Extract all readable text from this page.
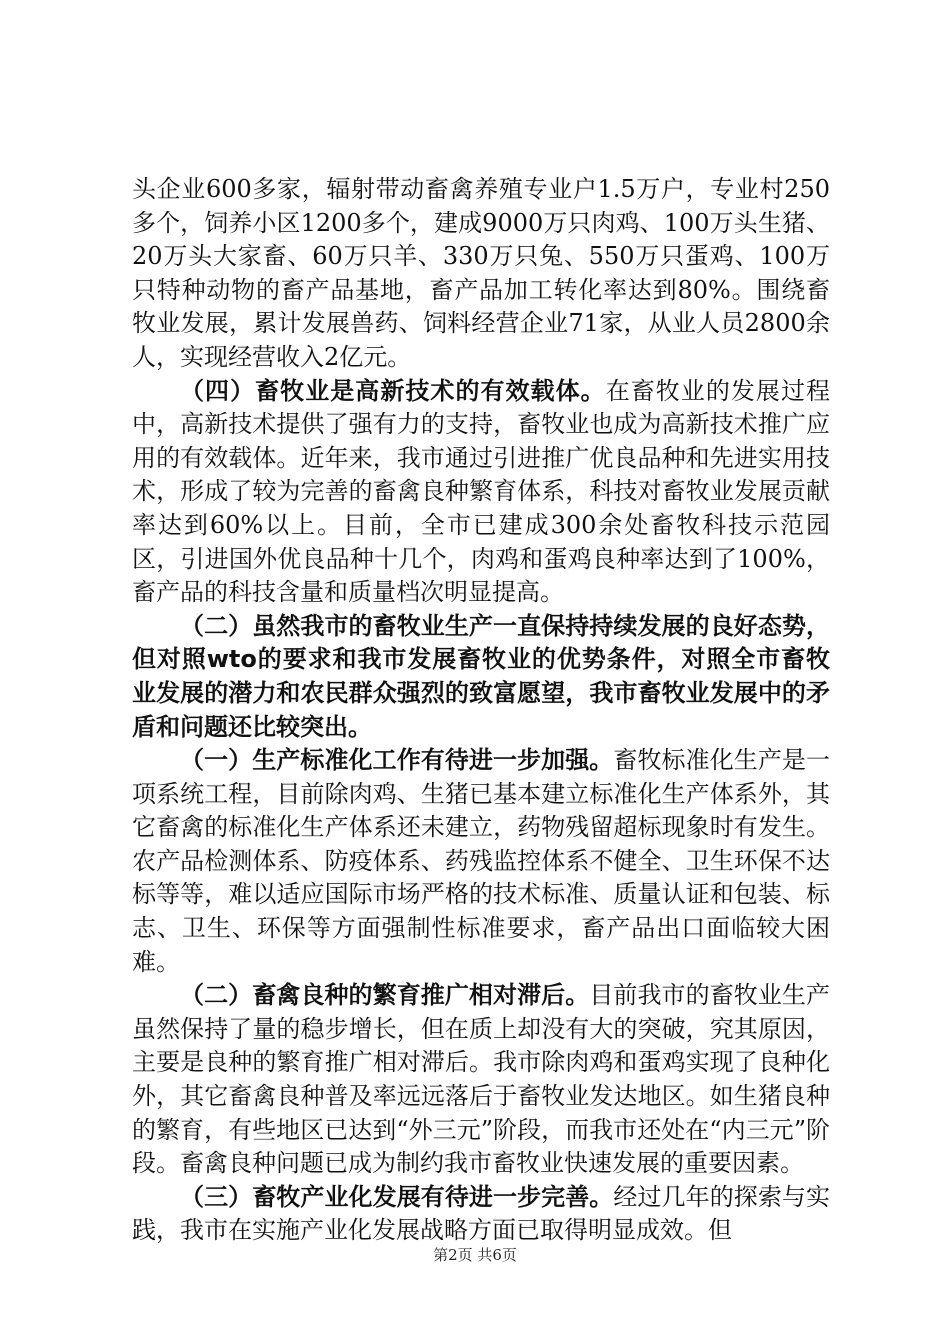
头企业600多家，辐射带动畜禽养殖专业户1.5万户，专业村250多个，饲养小区1200多个，建成9000万只肉鸡、100万头生猪、20万头大家畜、60万只羊、330万只兔、550万只蛋鸡、100万只特种动物的畜产品基地，畜产品加工转化率达到80%。围绕畜牧业发展，累计发展兽药、饲料经营企业71家，从业人员2800余人，实现经营收入2亿元。

（四）畜牧业是高新技术的有效载体。在畜牧业的发展过程中，高新技术提供了强有力的支持，畜牧业也成为高新技术推广应用的有效载体。近年来，我市通过引进推广优良品种和先进实用技术，形成了较为完善的畜禽良种繁育体系，科技对畜牧业发展贡献率达到60%以上。目前，全市已建成300余处畜牧科技示范园区，引进国外优良品种十几个，肉鸡和蛋鸡良种率达到了100%，畜产品的科技含量和质量档次明显提高。

（二）虽然我市的畜牧业生产一直保持持续发展的良好态势，但对照wto的要求和我市发展畜牧业的优势条件，对照全市畜牧业发展的潜力和农民群众强烈的致富愿望，我市畜牧业发展中的矛盾和问题还比较突出。

（一）生产标准化工作有待进一步加强。畜牧标准化生产是一项系统工程，目前除肉鸡、生猪已基本建立标准化生产体系外，其它畜禽的标准化生产体系还未建立，药物残留超标现象时有发生。农产品检测体系、防疫体系、药残监控体系不健全、卫生环保不达标等等，难以适应国际市场严格的技术标准、质量认证和包装、标志、卫生、环保等方面强制性标准要求，畜产品出口面临较大困难。

（二）畜禽良种的繁育推广相对滞后。目前我市的畜牧业生产虽然保持了量的稳步增长，但在质上却没有大的突破，究其原因，主要是良种的繁育推广相对滞后。我市除肉鸡和蛋鸡实现了良种化外，其它畜禽良种普及率远远落后于畜牧业发达地区。如生猪良种的繁育，有些地区已达到“外三元”阶段，而我市还处在“内三元”阶段。畜禽良种问题已成为制约我市畜牧业快速发展的重要因素。

（三）畜牧产业化发展有待进一步完善。经过几年的探索与实践，我市在实施产业化发展战略方面已取得明显成效。但

第2页 共6页
